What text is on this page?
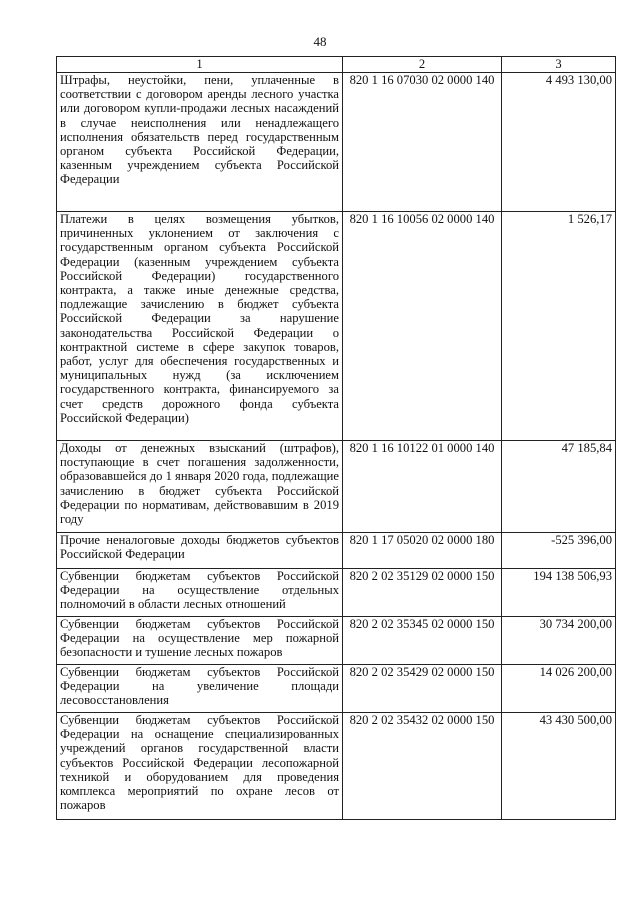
48
1	2	3
Штрафы, неустойки, пени, уплаченные в соответствии с договором аренды лесного участка или договором купли-продажи лесных насаждений в случае неисполнения или ненадлежащего исполнения обязательств перед государственным органом субъекта Российской Федерации, казенным учреждением субъекта Российской Федерации	820 1 16 07030 02 0000 140	4 493 130,00
Платежи в целях возмещения убытков, причиненных уклонением от заключения с государственным органом субъекта Российской Федерации (казенным учреждением субъекта Российской Федерации) государственного контракта, а также иные денежные средства, подлежащие зачислению в бюджет субъекта Российской Федерации за нарушение законодательства Российской Федерации о контрактной системе в сфере закупок товаров, работ, услуг для обеспечения государственных и муниципальных нужд (за исключением государственного контракта, финансируемого за счет средств дорожного фонда субъекта Российской Федерации)	820 1 16 10056 02 0000 140	1 526,17
Доходы от денежных взысканий (штрафов), поступающие в счет погашения задолженности, образовавшейся до 1 января 2020 года, подлежащие зачислению в бюджет субъекта Российской Федерации по нормативам, действовавшим в 2019 году	820 1 16 10122 01 0000 140	47 185,84
Прочие неналоговые доходы бюджетов субъектов Российской Федерации	820 1 17 05020 02 0000 180	-525 396,00
Субвенции бюджетам субъектов Российской Федерации на осуществление отдельных полномочий в области лесных отношений	820 2 02 35129 02 0000 150	194 138 506,93
Субвенции бюджетам субъектов Российской Федерации на осуществление мер пожарной безопасности и тушение лесных пожаров	820 2 02 35345 02 0000 150	30 734 200,00
Субвенции бюджетам субъектов Российской Федерации на увеличение площади лесовосстановления	820 2 02 35429 02 0000 150	14 026 200,00
Субвенции бюджетам субъектов Российской Федерации на оснащение специализированных учреждений органов государственной власти субъектов Российской Федерации лесопожарной техникой и оборудованием для проведения комплекса мероприятий по охране лесов от пожаров	820 2 02 35432 02 0000 150	43 430 500,00
